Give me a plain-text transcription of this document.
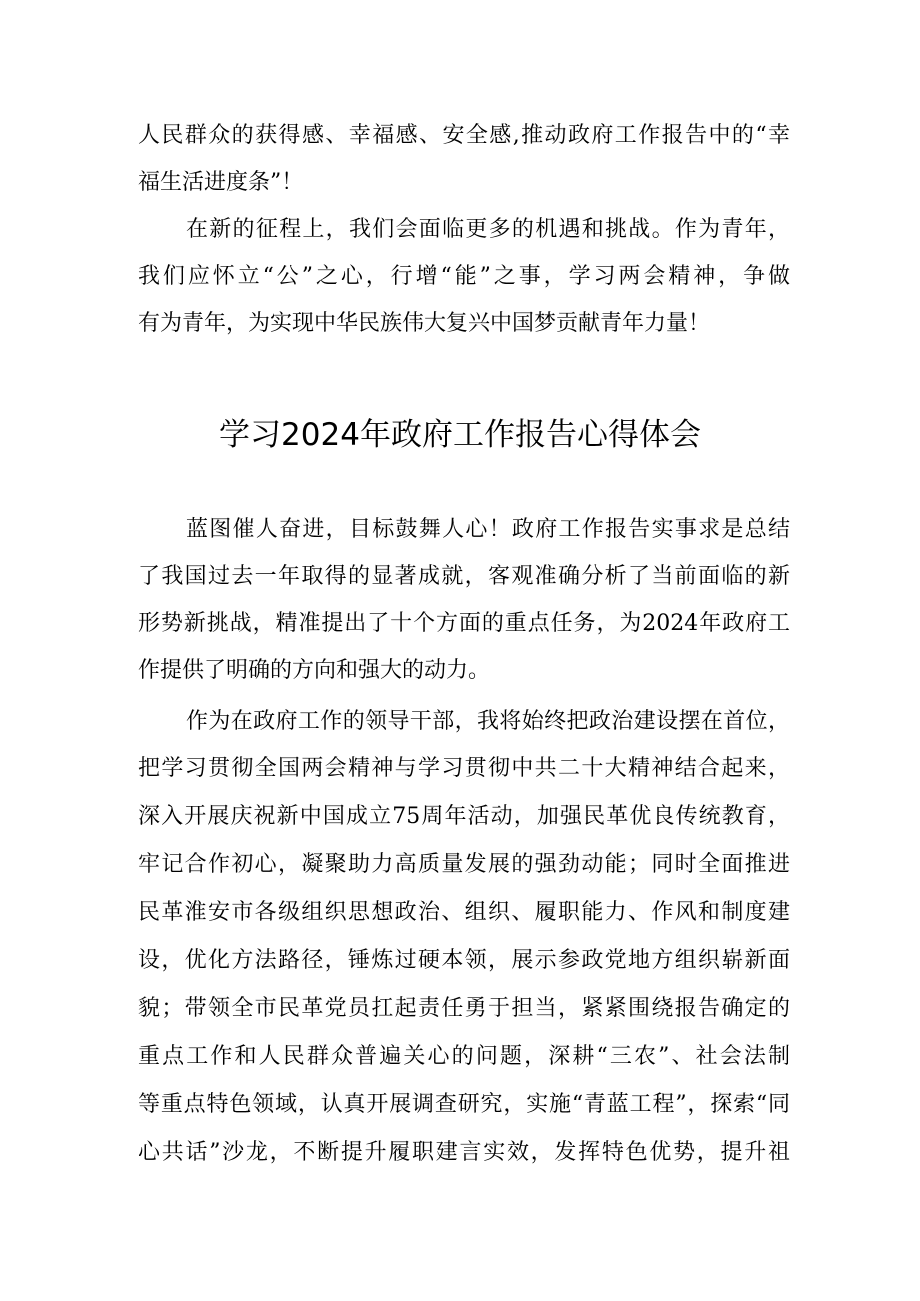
人民群众的获得感、幸福感、安全感,推动政府工作报告中的“幸
福生活进度条”！
在新的征程上，我们会面临更多的机遇和挑战。作为青年，
我们应怀立“公”之心，行增“能”之事，学习两会精神，争做
有为青年，为实现中华民族伟大复兴中国梦贡献青年力量！
学习2024年政府工作报告心得体会
蓝图催人奋进，目标鼓舞人心！政府工作报告实事求是总结
了我国过去一年取得的显著成就，客观准确分析了当前面临的新
形势新挑战，精准提出了十个方面的重点任务，为2024年政府工
作提供了明确的方向和强大的动力。
作为在政府工作的领导干部，我将始终把政治建设摆在首位，
把学习贯彻全国两会精神与学习贯彻中共二十大精神结合起来，
深入开展庆祝新中国成立75周年活动，加强民革优良传统教育，
牢记合作初心，凝聚助力高质量发展的强劲动能；同时全面推进
民革淮安市各级组织思想政治、组织、履职能力、作风和制度建
设，优化方法路径，锤炼过硬本领，展示参政党地方组织崭新面
貌；带领全市民革党员扛起责任勇于担当，紧紧围绕报告确定的
重点工作和人民群众普遍关心的问题，深耕“三农”、社会法制
等重点特色领域，认真开展调查研究，实施“青蓝工程”，探索“同
心共话”沙龙，不断提升履职建言实效，发挥特色优势，提升祖
